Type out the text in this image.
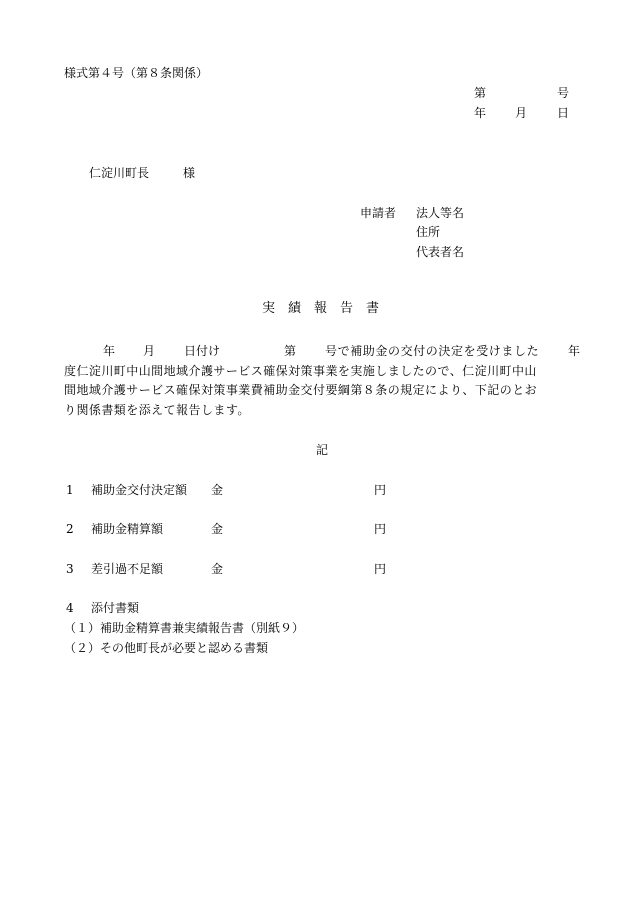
様式第４号（第８条関係）
第	号
年 月 日
仁淀川町長	様
申請者 法人等名
住所
代表者名
実 績 報 告 書
年 月 日付け	第 号で補助金の交付の決定を受けました 年
度仁淀川町中山間地域介護サービス確保対策事業を実施しましたので、仁淀川町中山
間地域介護サービス確保対策事業費補助金交付要綱第８条の規定により、下記のとお
り関係書類を添えて報告します。
記
1 補助金交付決定額 金	円
2 補助金精算額	金	円
3 差引過不足額	金	円
4 添付書類
（１）補助金精算書兼実績報告書（別紙９）
（２）その他町長が必要と認める書類
